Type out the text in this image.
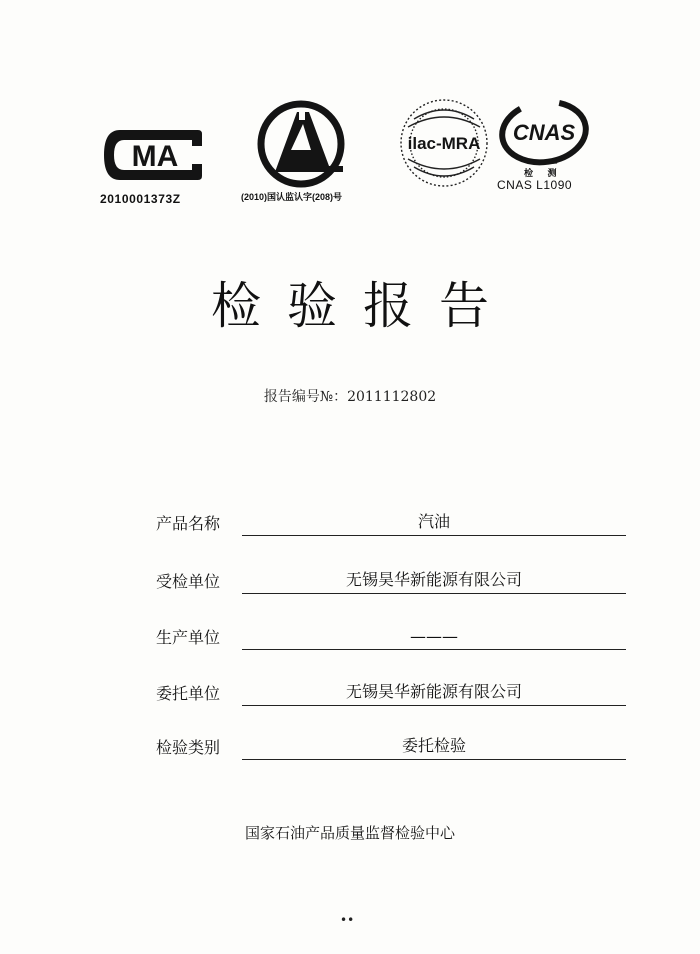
MA
2010001373Z	(2010)国认监认字(208)号
ilac-MRA CNAS
检 测
CNAS L1090
检验报告
报告编号№：2011112802
产品名称	汽油
受检单位	无锡昊华新能源有限公司
生产单位	———
委托单位	无锡昊华新能源有限公司
检验类别	委托检验
国家石油产品质量监督检验中心
••
